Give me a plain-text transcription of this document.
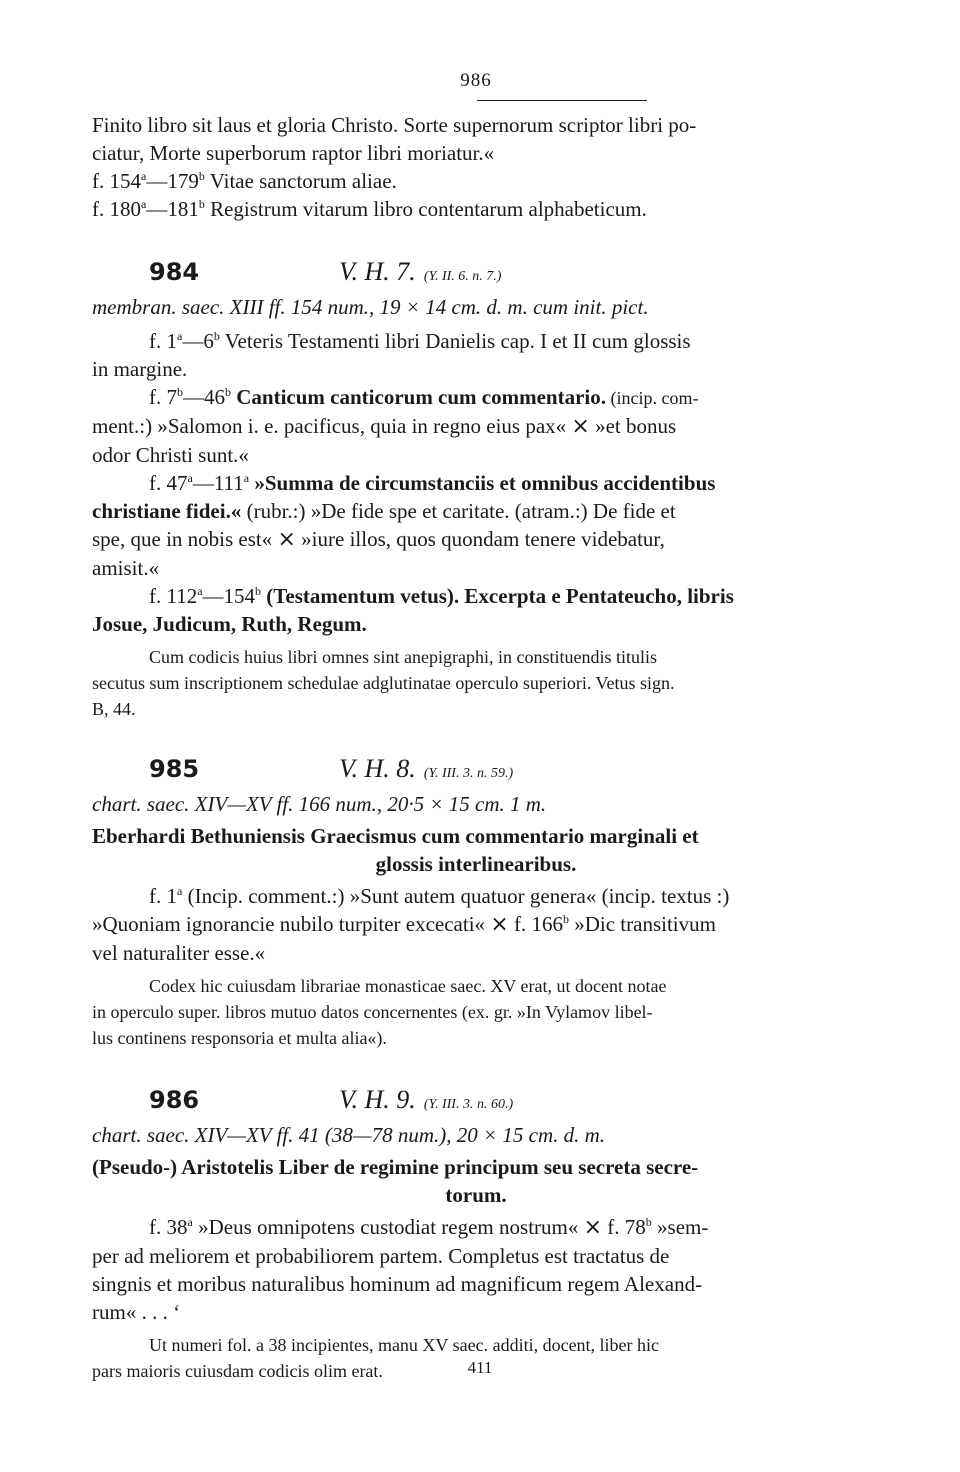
986

Finito libro sit laus et gloria Christo. Sorte supernorum scriptor libri po-

ciatur, Morte superborum raptor libri moriatur.«

f. 154$^a$—179$^b$ Vitae sanctorum aliae.

f. 180$^a$—181$^b$ Registrum vitarum libro contentarum alphabeticum.

984	V. H. 7. (Y. II. 6. n. 7.)

membran. saec. XIII ff. 154 num., 19 × 14 cm. d. m. cum init. pict.

f. 1$^a$—6$^b$ Veteris Testamenti libri Danielis cap. I et II cum glossis

in margine.

f. 7$^b$—46$^b$ Canticum canticorum cum commentario. (incip. com-

ment.:) »Salomon i. e. pacificus, quia in regno eius pax« × »et bonus

odor Christi sunt.«

f. 47$^a$—111$^a$ »Summa de circumstanciis et omnibus accidentibus

christiane fidei.« (rubr.:) »De fide spe et caritate. (atram.:) De fide et

spe, que in nobis est« × »iure illos, quos quondam tenere videbatur,

amisit.«

f. 112$^a$—154$^b$ (Testamentum vetus). Excerpta e Pentateucho, libris

Josue, Judicum, Ruth, Regum.

Cum codicis huius libri omnes sint anepigraphi, in constituendis titulis

secutus sum inscriptionem schedulae adglutinatae operculo superiori. Vetus sign.

B, 44.

985	V. H. 8. (Y. III. 3. n. 59.)

chart. saec. XIV—XV ff. 166 num., 20·5 × 15 cm. 1 m.

Eberhardi Bethuniensis Graecismus cum commentario marginali et

glossis interlinearibus.

f. 1$^a$ (Incip. comment.:) »Sunt autem quatuor genera« (incip. textus :)

»Quoniam ignorancie nubilo turpiter excecati« × f. 166$^b$ »Dic transitivum

vel naturaliter esse.«

Codex hic cuiusdam librariae monasticae saec. XV erat, ut docent notae

in operculo super. libros mutuo datos concernentes (ex. gr. »In Vylamov libel-

lus continens responsoria et multa alia«).

986	V. H. 9. (Y. III. 3. n. 60.)

chart. saec. XIV—XV ff. 41 (38—78 num.), 20 × 15 cm. d. m.

(Pseudo-) Aristotelis Liber de regimine principum seu secreta secre-

torum.

f. 38$^a$ »Deus omnipotens custodiat regem nostrum« × f. 78$^b$ »sem-

per ad meliorem et probabiliorem partem. Completus est tractatus de

singnis et moribus naturalibus hominum ad magnificum regem Alexand-

rum« . . . ‘

Ut numeri fol. a 38 incipientes, manu XV saec. additi, docent, liber hic

pars maioris cuiusdam codicis olim erat.	411
